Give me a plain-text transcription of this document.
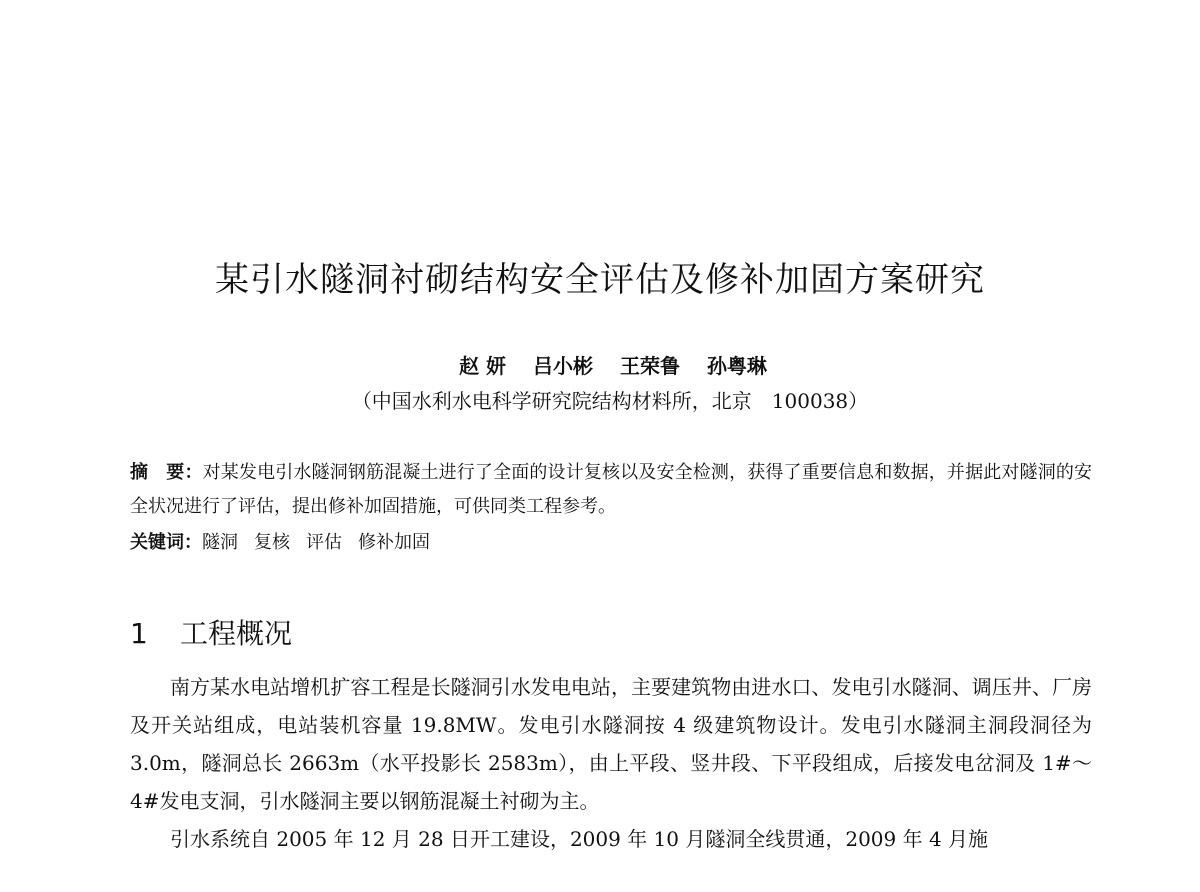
某引水隧洞衬砌结构安全评估及修补加固方案研究
赵 妍 吕小彬 王荣鲁 孙粤琳
（中国水利水电科学研究院结构材料所，北京　100038）
摘　要：对某发电引水隧洞钢筋混凝土进行了全面的设计复核以及安全检测，获得了重要信息和数据，并据此对隧洞的安全状况进行了评估，提出修补加固措施，可供同类工程参考。
关键词：隧洞 复核 评估 修补加固
1 工程概况

南方某水电站增机扩容工程是长隧洞引水发电电站，主要建筑物由进水口、发电引水隧洞、调压井、厂房及开关站组成，电站装机容量 19.8MW。发电引水隧洞按 4 级建筑物设计。发电引水隧洞主洞段洞径为 3.0m，隧洞总长 2663m（水平投影长 2583m），由上平段、竖井段、下平段组成，后接发电岔洞及 1#～4#发电支洞，引水隧洞主要以钢筋混凝土衬砌为主。

引水系统自 2005 年 12 月 28 日开工建设，2009 年 10 月隧洞全线贯通，2009 年 4 月施
